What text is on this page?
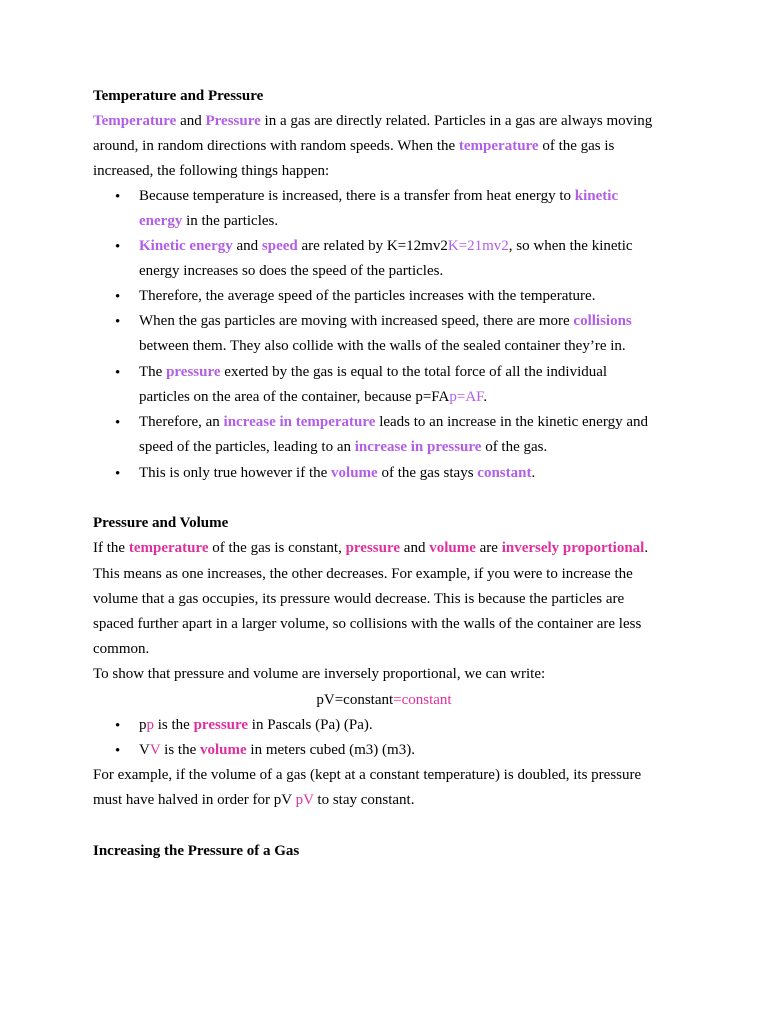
Temperature and Pressure
Temperature and Pressure in a gas are directly related. Particles in a gas are always moving
around, in random directions with random speeds. When the temperature of the gas is
increased, the following things happen:
• Because temperature is increased, there is a transfer from heat energy to kinetic
energy in the particles.
• Kinetic energy and speed are related by K=12mv2K=21mv2, so when the kinetic
energy increases so does the speed of the particles.
• Therefore, the average speed of the particles increases with the temperature.
• When the gas particles are moving with increased speed, there are more collisions
between them. They also collide with the walls of the sealed container they’re in.
• The pressure exerted by the gas is equal to the total force of all the individual
particles on the area of the container, because p=FAp=AF.
• Therefore, an increase in temperature leads to an increase in the kinetic energy and
speed of the particles, leading to an increase in pressure of the gas.
• This is only true however if the volume of the gas stays constant.
Pressure and Volume
If the temperature of the gas is constant, pressure and volume are inversely proportional.
This means as one increases, the other decreases. For example, if you were to increase the
volume that a gas occupies, its pressure would decrease. This is because the particles are
spaced further apart in a larger volume, so collisions with the walls of the container are less
common.
To show that pressure and volume are inversely proportional, we can write:
pV=constant=constant
• pp is the pressure in Pascals (Pa) (Pa).
• VV is the volume in meters cubed (m3) (m3).
For example, if the volume of a gas (kept at a constant temperature) is doubled, its pressure
must have halved in order for pV pV to stay constant.
Increasing the Pressure of a Gas
